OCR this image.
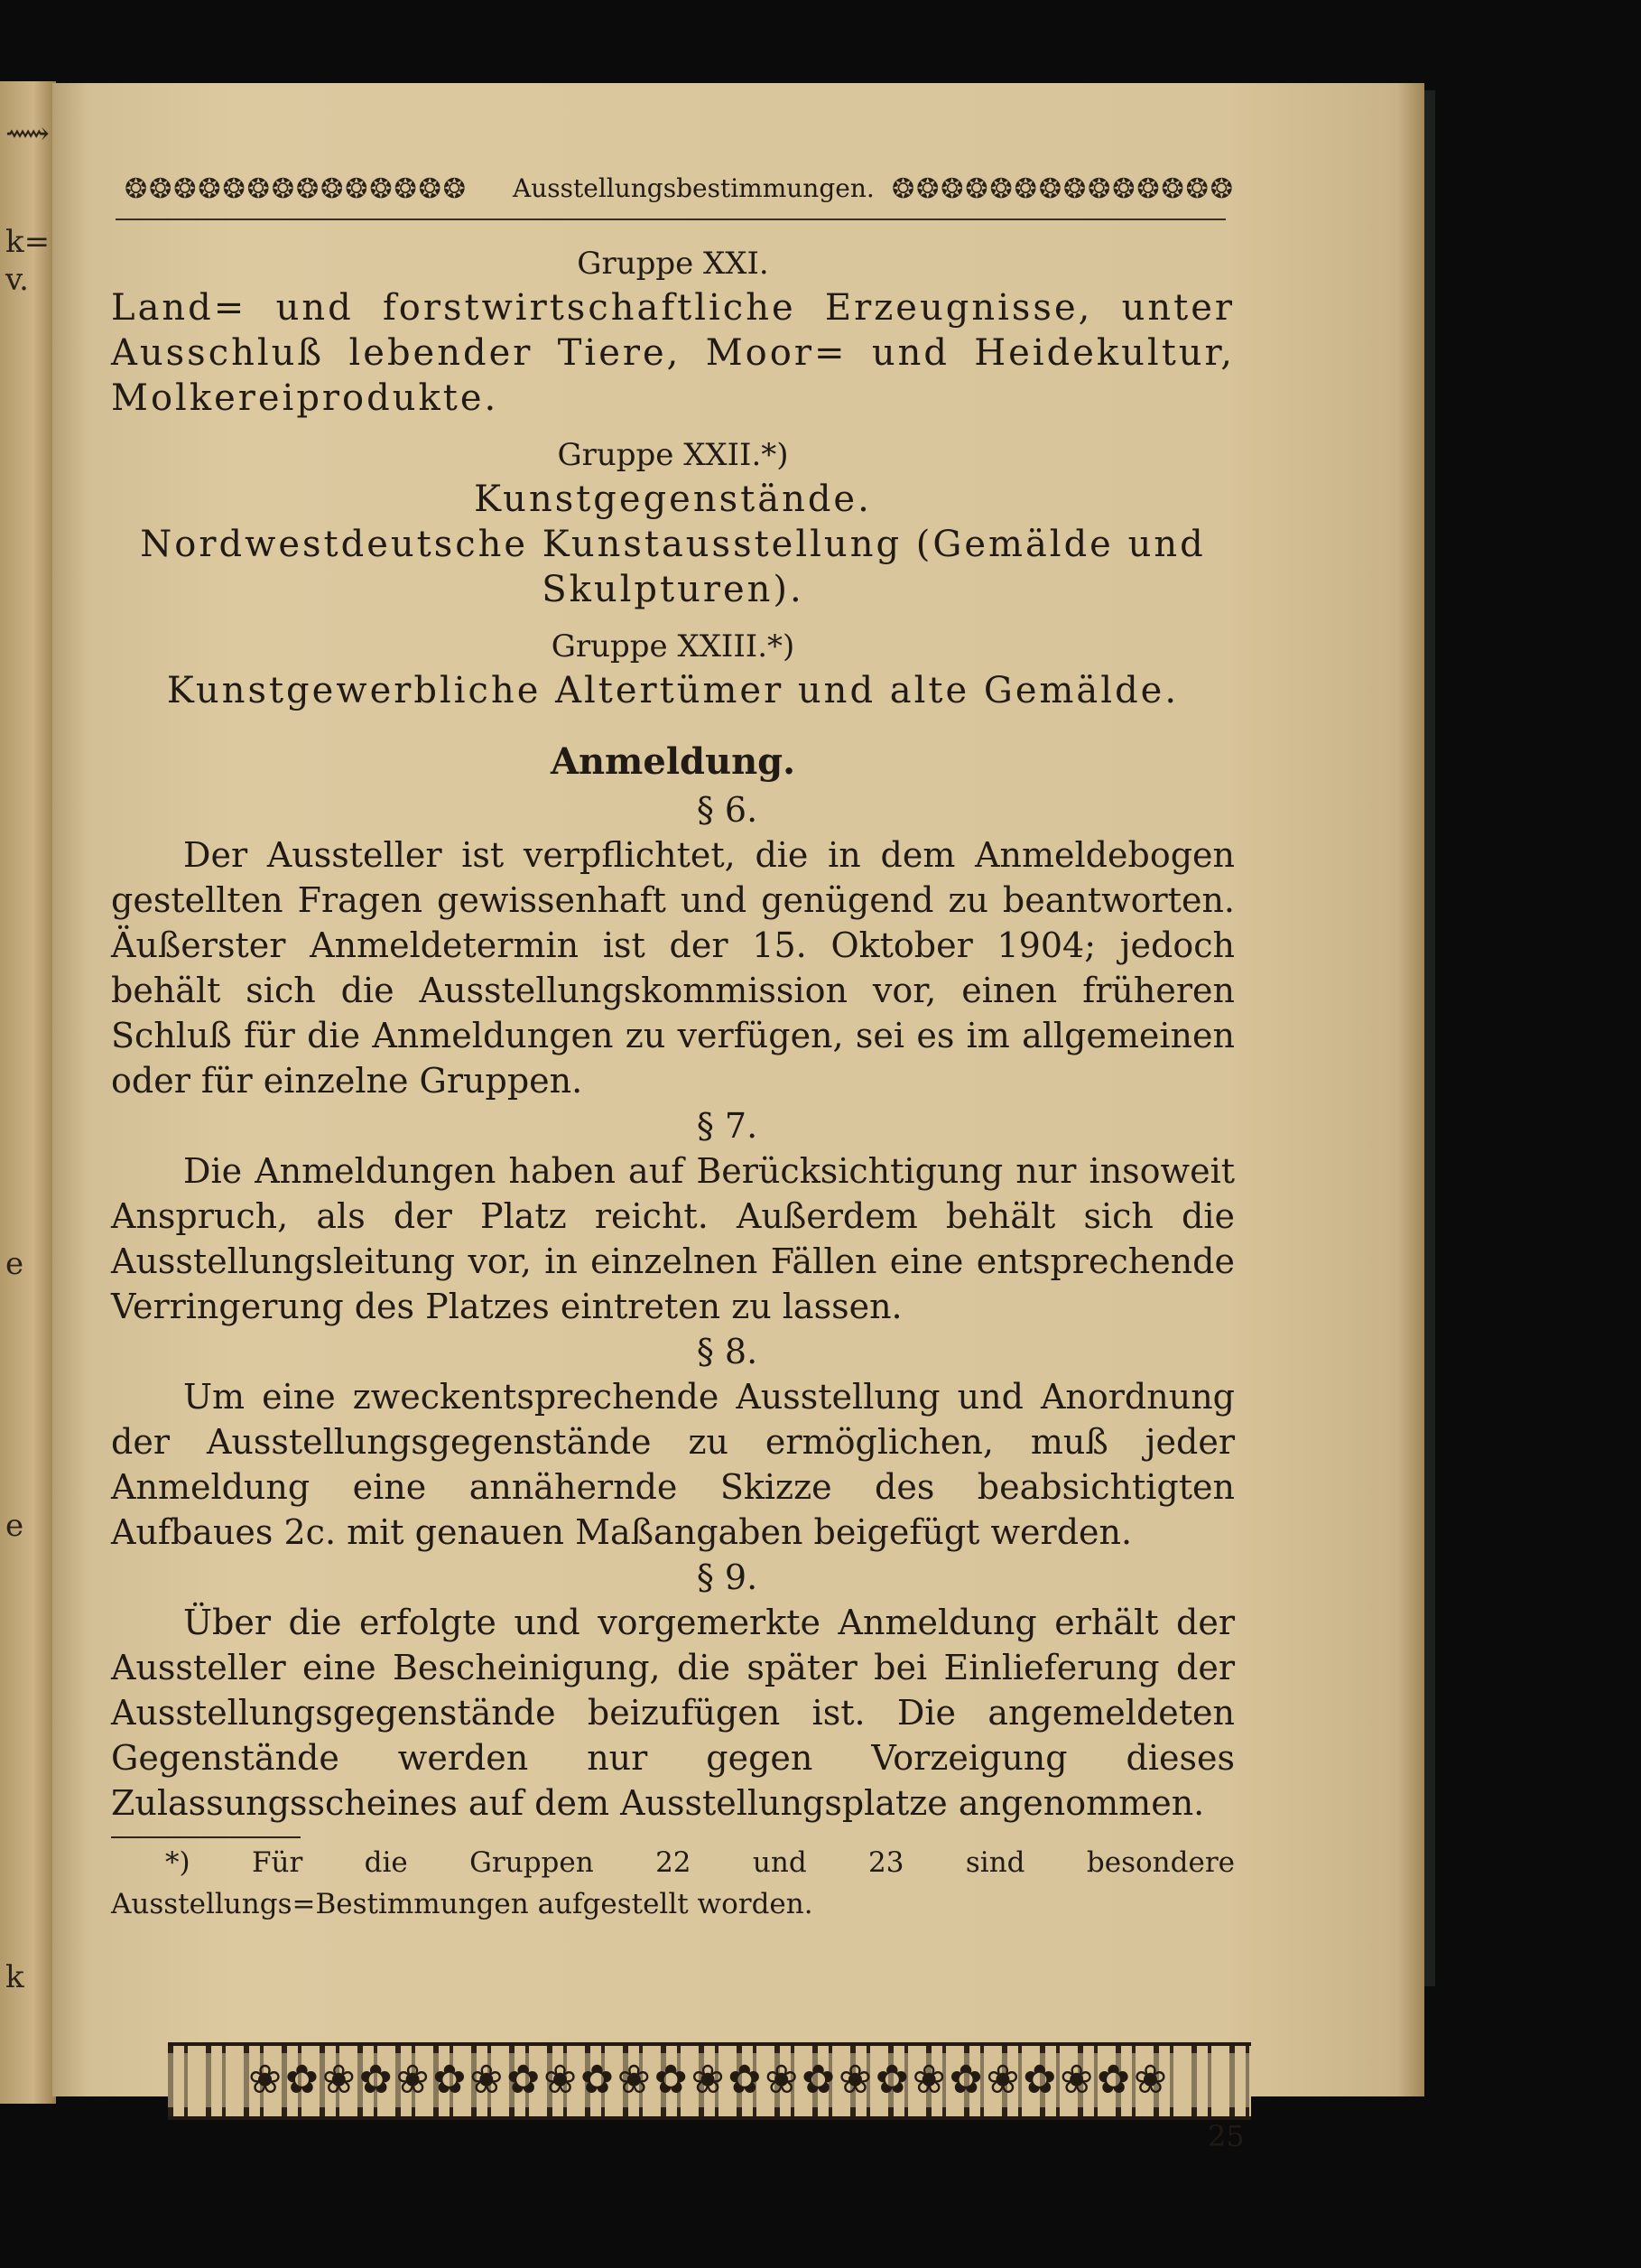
⟿
k=
v.
e
e
k
❂❂❂❂❂❂❂❂❂❂❂❂❂❂ Ausstellungsbestimmungen. ❂❂❂❂❂❂❂❂❂❂❂❂❂❂
Gruppe XXI.
Land= und forstwirtschaftliche Erzeugnisse, unter Ausschluß lebender Tiere, Moor= und Heidekultur, Molkereiprodukte.
Gruppe XXII.*)
Kunstgegenstände.
Nordwestdeutsche Kunstausstellung (Gemälde und Skulpturen).
Gruppe XXIII.*)
Kunstgewerbliche Altertümer und alte Gemälde.
Anmeldung.
§ 6.

Der Aussteller ist verpflichtet, die in dem Anmeldebogen gestellten Fragen gewissenhaft und genügend zu beantworten. Äußerster Anmeldetermin ist der 15. Oktober 1904; jedoch behält sich die Ausstellungskommission vor, einen früheren Schluß für die Anmeldungen zu verfügen, sei es im allgemeinen oder für einzelne Gruppen.

§ 7.

Die Anmeldungen haben auf Berücksichtigung nur insoweit Anspruch, als der Platz reicht. Außerdem behält sich die Ausstellungsleitung vor, in einzelnen Fällen eine entsprechende Verringerung des Platzes eintreten zu lassen.

§ 8.

Um eine zweckentsprechende Ausstellung und Anordnung der Ausstellungsgegenstände zu ermöglichen, muß jeder Anmeldung eine annähernde Skizze des beabsichtigten Aufbaues 2c. mit genauen Maßangaben beigefügt werden.

§ 9.

Über die erfolgte und vorgemerkte Anmeldung erhält der Aussteller eine Bescheinigung, die später bei Einlieferung der Ausstellungsgegenstände beizufügen ist. Die angemeldeten Gegenstände werden nur gegen Vorzeigung dieses Zulassungsscheines auf dem Ausstellungsplatze angenommen.

*) Für die Gruppen 22 und 23 sind besondere Ausstellungs=Bestimmungen aufgestellt worden.

❀✿❀✿❀✿❀✿❀✿❀✿❀✿❀✿❀✿❀✿❀✿❀✿❀
25
